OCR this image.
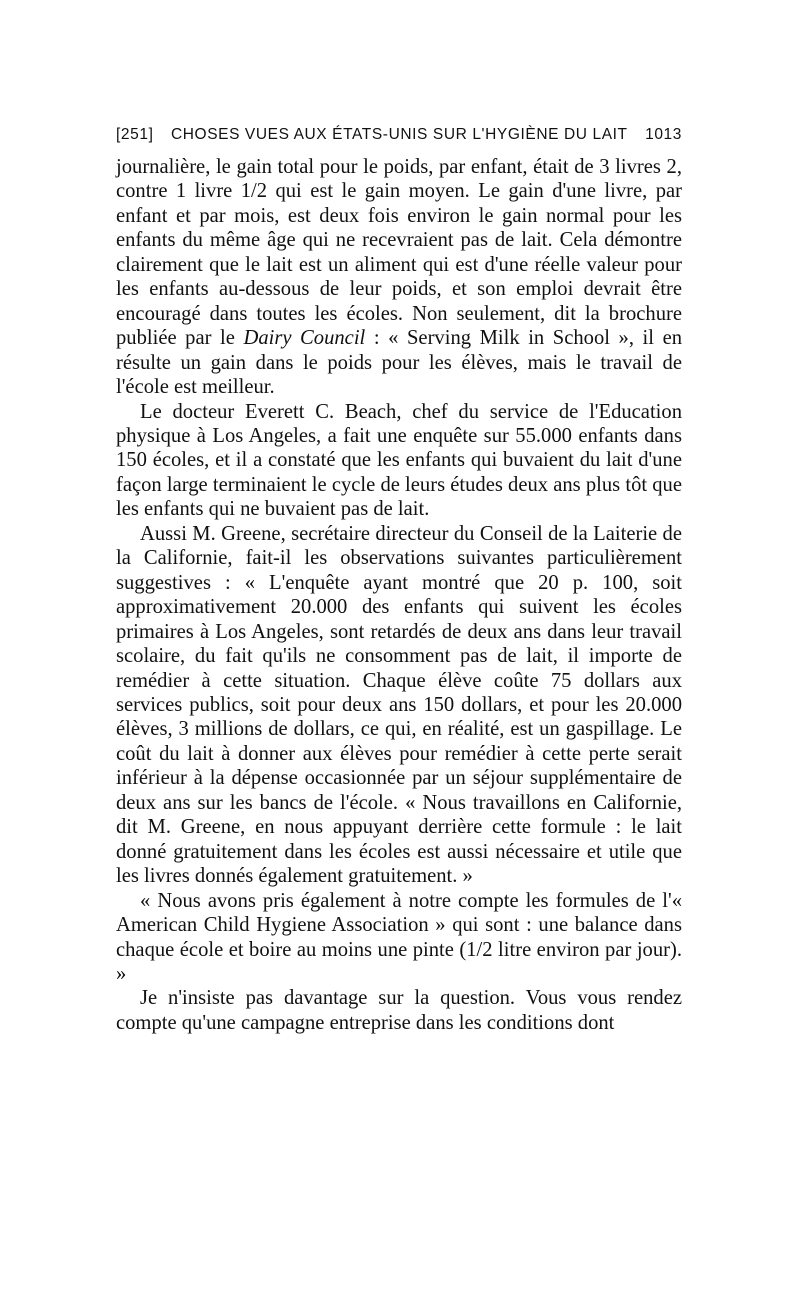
[251] CHOSES VUES AUX ÉTATS-UNIS SUR L'HYGIÈNE DU LAIT 1013

journalière, le gain total pour le poids, par enfant, était de 3 livres 2, contre 1 livre 1/2 qui est le gain moyen. Le gain d'une livre, par enfant et par mois, est deux fois environ le gain normal pour les enfants du même âge qui ne recevraient pas de lait. Cela démontre clairement que le lait est un aliment qui est d'une réelle valeur pour les enfants au-dessous de leur poids, et son emploi devrait être encouragé dans toutes les écoles. Non seulement, dit la brochure publiée par le Dairy Council : « Serving Milk in School », il en résulte un gain dans le poids pour les élèves, mais le travail de l'école est meilleur.

Le docteur Everett C. Beach, chef du service de l'Education physique à Los Angeles, a fait une enquête sur 55.000 enfants dans 150 écoles, et il a constaté que les enfants qui buvaient du lait d'une façon large terminaient le cycle de leurs études deux ans plus tôt que les enfants qui ne buvaient pas de lait.

Aussi M. Greene, secrétaire directeur du Conseil de la Laiterie de la Californie, fait-il les observations suivantes particulièrement suggestives : « L'enquête ayant montré que 20 p. 100, soit approximativement 20.000 des enfants qui suivent les écoles primaires à Los Angeles, sont retardés de deux ans dans leur travail scolaire, du fait qu'ils ne consomment pas de lait, il importe de remédier à cette situation. Chaque élève coûte 75 dollars aux services publics, soit pour deux ans 150 dollars, et pour les 20.000 élèves, 3 millions de dollars, ce qui, en réalité, est un gaspillage. Le coût du lait à donner aux élèves pour remédier à cette perte serait inférieur à la dépense occasionnée par un séjour supplémentaire de deux ans sur les bancs de l'école. « Nous travaillons en Californie, dit M. Greene, en nous appuyant derrière cette formule : le lait donné gratuitement dans les écoles est aussi nécessaire et utile que les livres donnés également gratuitement. »

« Nous avons pris également à notre compte les formules de l'« American Child Hygiene Association » qui sont : une balance dans chaque école et boire au moins une pinte (1/2 litre environ par jour). »

Je n'insiste pas davantage sur la question. Vous vous rendez compte qu'une campagne entreprise dans les conditions dont
